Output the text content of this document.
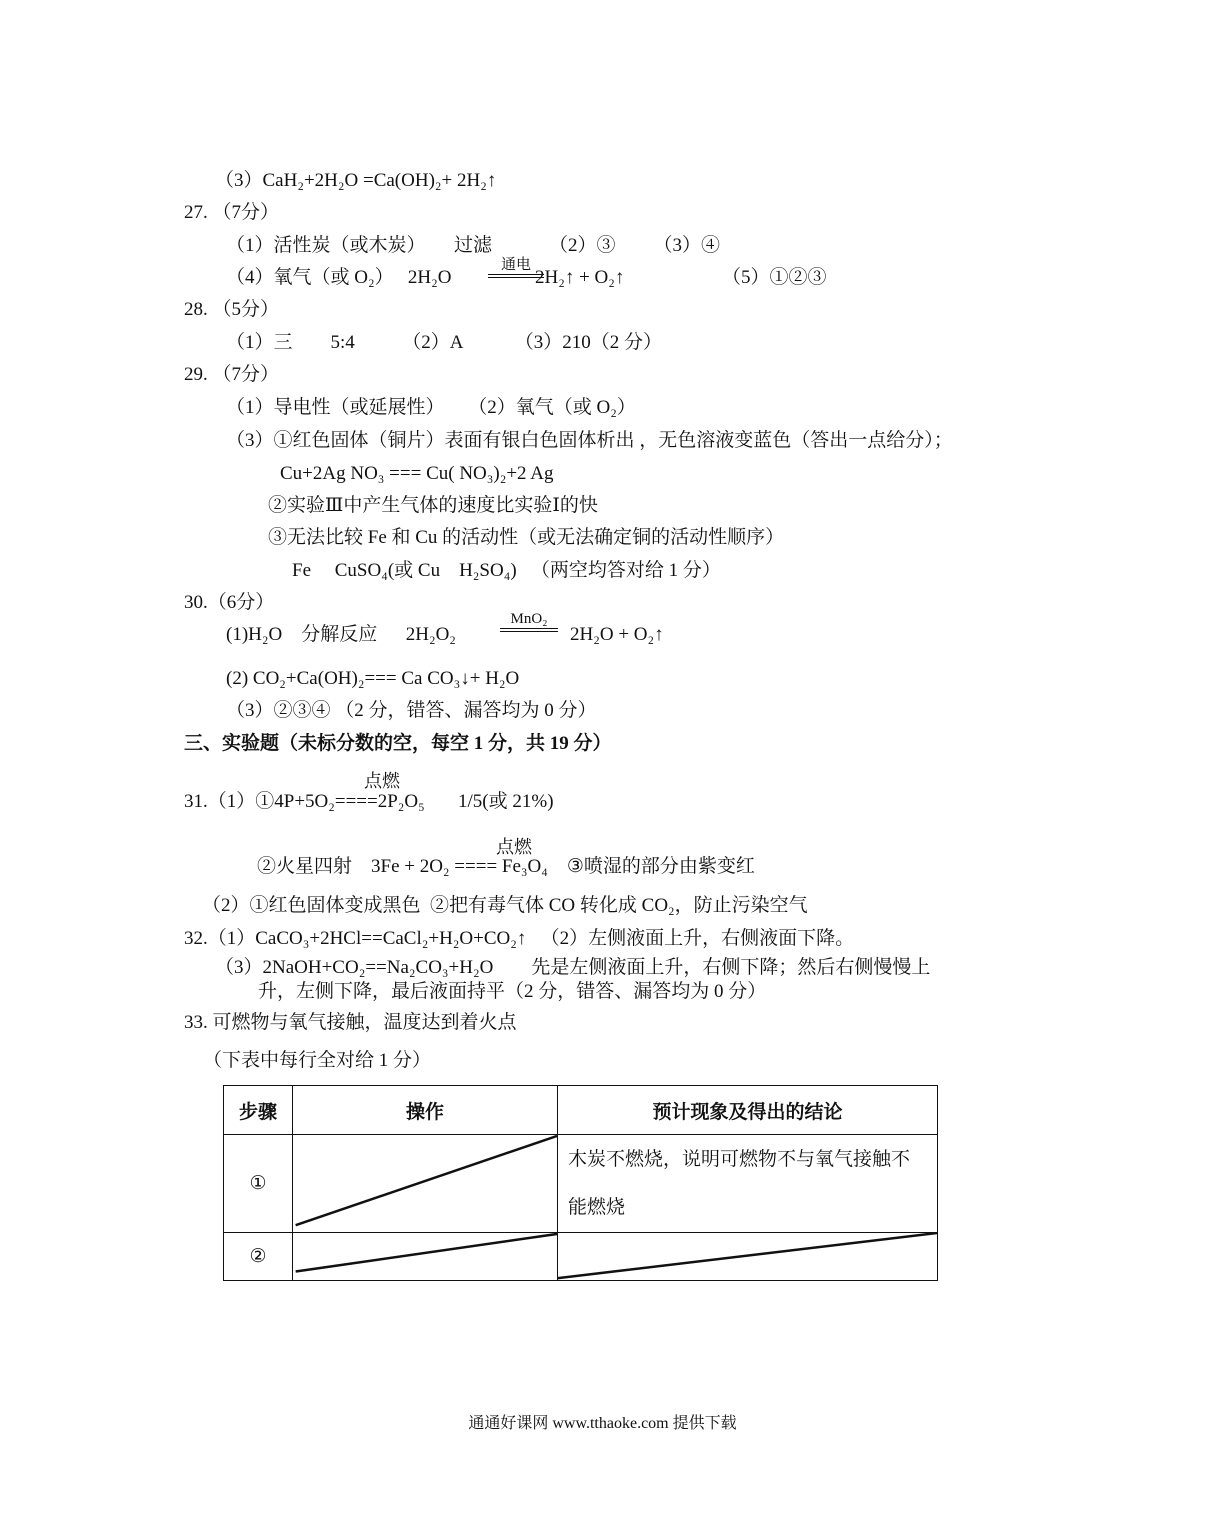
（3）CaH₂+2H₂O =Ca(OH)₂+ 2H₂↑
27. （7分）
（1）活性炭（或木炭）      过滤            （2）③        （3）④
（4）氧气（或 O₂）   2H₂O
通电
2H₂↑ + O₂↑	（5）①②③
28. （5分）
（1）三        5:4          （2）A           （3）210（2 分）
29. （7分）
（1）导电性（或延展性）     （2）氧气（或 O₂）
（3）①红色固体（铜片）表面有银白色固体析出 ，无色溶液变蓝色（答出一点给分）；
Cu+2Ag NO₃ === Cu( NO₃)₂+2 Ag
②实验Ⅲ中产生气体的速度比实验Ⅰ的快
③无法比较 Fe 和 Cu 的活动性（或无法确定铜的活动性顺序）
Fe     CuSO₄(或 Cu    H₂SO₄)   （两空均答对给 1 分）
30.（6分）
(1)H₂O    分解反应      2H₂O₂
MnO₂
2H₂O + O₂↑
(2) CO₂+Ca(OH)₂=== Ca CO₃↓+ H₂O
（3）②③④ （2 分，错答、漏答均为 0 分）
三、实验题（未标分数的空，每空 1 分，共 19 分）
点燃
31.（1）①4P+5O₂====2P₂O₅       1/5(或 21%)
点燃
②火星四射    3Fe + 2O₂ ==== Fe₃O₄    ③喷湿的部分由紫变红
（2）①红色固体变成黑色  ②把有毒气体 CO 转化成 CO₂，防止污染空气
32.（1）CaCO₃+2HCl==CaCl₂+H₂O+CO₂↑   （2）左侧液面上升，右侧液面下降。
（3）2NaOH+CO₂==Na₂CO₃+H₂O        先是左侧液面上升，右侧下降；然后右侧慢慢上
升，左侧下降，最后液面持平（2 分，错答、漏答均为 0 分）
33. 可燃物与氧气接触，温度达到着火点
（下表中每行全对给 1 分）
步骤	操作	预计现象及得出的结论
①		木炭不燃烧，说明可燃物不与氧气接触不能燃烧

②	

通通好课网 www.tthaoke.com 提供下载
